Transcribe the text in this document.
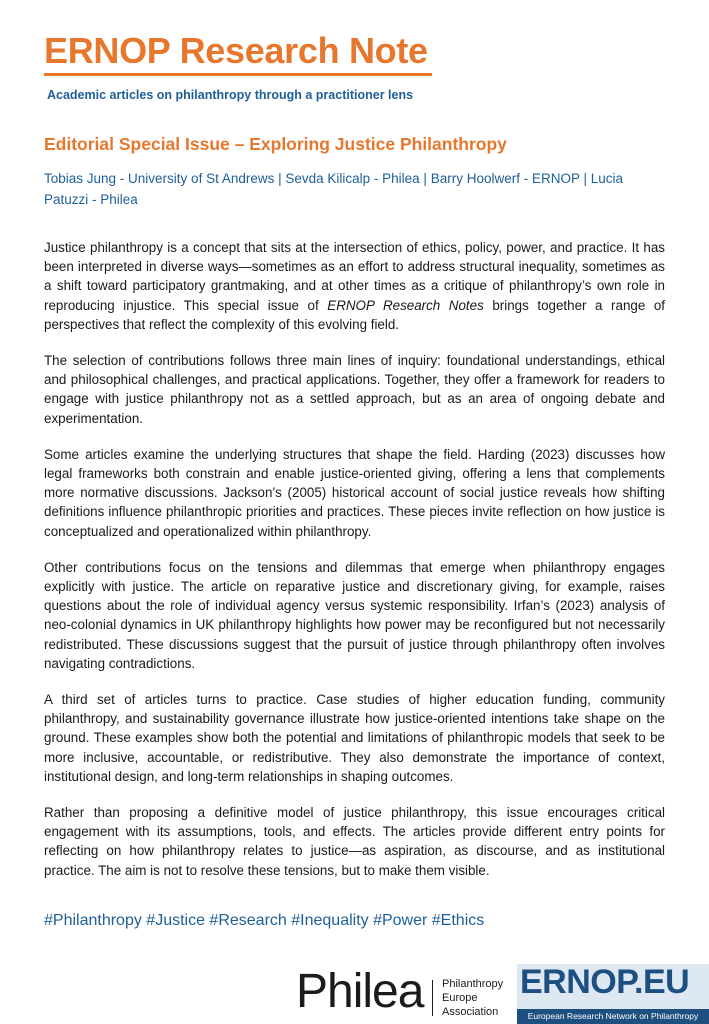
ERNOP Research Note
Academic articles on philanthropy through a practitioner lens
Editorial Special Issue – Exploring Justice Philanthropy
Tobias Jung - University of St Andrews | Sevda Kilicalp - Philea | Barry Hoolwerf - ERNOP | Lucia Patuzzi - Philea

Justice philanthropy is a concept that sits at the intersection of ethics, policy, power, and practice. It has been interpreted in diverse ways—sometimes as an effort to address structural inequality, sometimes as a shift toward participatory grantmaking, and at other times as a critique of philanthropy’s own role in reproducing injustice. This special issue of ERNOP Research Notes brings together a range of perspectives that reflect the complexity of this evolving field.

The selection of contributions follows three main lines of inquiry: foundational understandings, ethical and philosophical challenges, and practical applications. Together, they offer a framework for readers to engage with justice philanthropy not as a settled approach, but as an area of ongoing debate and experimentation.

Some articles examine the underlying structures that shape the field. Harding (2023) discusses how legal frameworks both constrain and enable justice-oriented giving, offering a lens that complements more normative discussions. Jackson’s (2005) historical account of social justice reveals how shifting definitions influence philanthropic priorities and practices. These pieces invite reflection on how justice is conceptualized and operationalized within philanthropy.

Other contributions focus on the tensions and dilemmas that emerge when philanthropy engages explicitly with justice. The article on reparative justice and discretionary giving, for example, raises questions about the role of individual agency versus systemic responsibility. Irfan’s (2023) analysis of neo-colonial dynamics in UK philanthropy highlights how power may be reconfigured but not necessarily redistributed. These discussions suggest that the pursuit of justice through philanthropy often involves navigating contradictions.

A third set of articles turns to practice. Case studies of higher education funding, community philanthropy, and sustainability governance illustrate how justice-oriented intentions take shape on the ground. These examples show both the potential and limitations of philanthropic models that seek to be more inclusive, accountable, or redistributive. They also demonstrate the importance of context, institutional design, and long-term relationships in shaping outcomes.

Rather than proposing a definitive model of justice philanthropy, this issue encourages critical engagement with its assumptions, tools, and effects. The articles provide different entry points for reflecting on how philanthropy relates to justice—as aspiration, as discourse, and as institutional practice. The aim is not to resolve these tensions, but to make them visible.

#Philanthropy #Justice #Research #Inequality #Power #Ethics
Philea Philanthropy Europe Association
ERNOP.EU
European Research Network on Philanthropy
